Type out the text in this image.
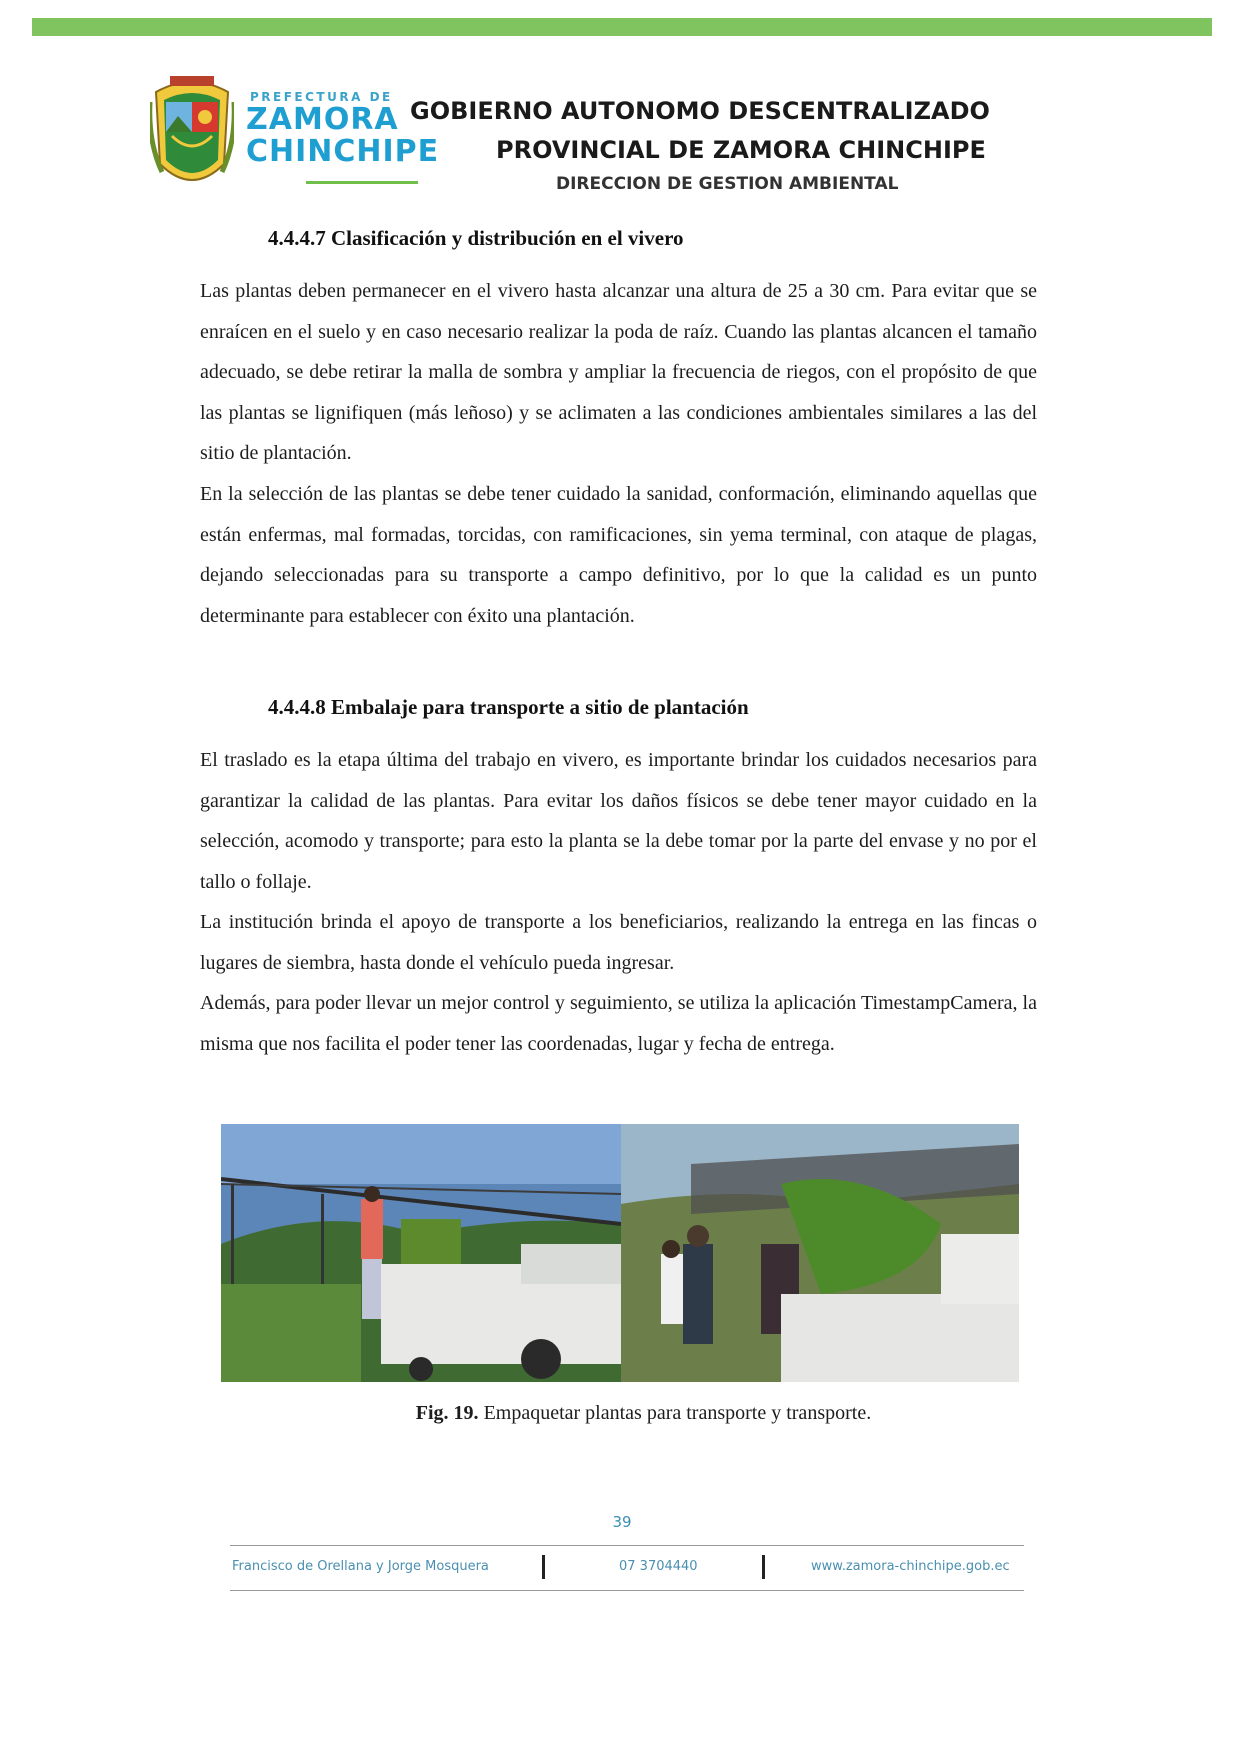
PREFECTURA DE
ZAMORA
CHINCHIPE
GOBIERNO AUTONOMO DESCENTRALIZADO
PROVINCIAL DE ZAMORA CHINCHIPE
DIRECCION DE GESTION AMBIENTAL
4.4.4.7 Clasificación y distribución en el vivero

Las plantas deben permanecer en el vivero hasta alcanzar una altura de 25 a 30 cm. Para evitar que se enraícen en el suelo y en caso necesario realizar la poda de raíz. Cuando las plantas alcancen el tamaño adecuado, se debe retirar la malla de sombra y ampliar la frecuencia de riegos, con el propósito de que las plantas se lignifiquen (más leñoso) y se aclimaten a las condiciones ambientales similares a las del sitio de plantación.

En la selección de las plantas se debe tener cuidado la sanidad, conformación, eliminando aquellas que están enfermas, mal formadas, torcidas, con ramificaciones, sin yema terminal, con ataque de plagas, dejando seleccionadas para su transporte a campo definitivo, por lo que la calidad es un punto determinante para establecer con éxito una plantación.

4.4.4.8 Embalaje para transporte a sitio de plantación

El traslado es la etapa última del trabajo en vivero, es importante brindar los cuidados necesarios para garantizar la calidad de las plantas. Para evitar los daños físicos se debe tener mayor cuidado en la selección, acomodo y transporte; para esto la planta se la debe tomar por la parte del envase y no por el tallo o follaje.

La institución brinda el apoyo de transporte a los beneficiarios, realizando la entrega en las fincas o lugares de siembra, hasta donde el vehículo pueda ingresar.

Además, para poder llevar un mejor control y seguimiento, se utiliza la aplicación TimestampCamera, la misma que nos facilita el poder tener las coordenadas, lugar y fecha de entrega.

Fig. 19. Empaquetar plantas para transporte y transporte.
39
Francisco de Orellana y Jorge Mosquera	07 3704440	www.zamora-chinchipe.gob.ec
